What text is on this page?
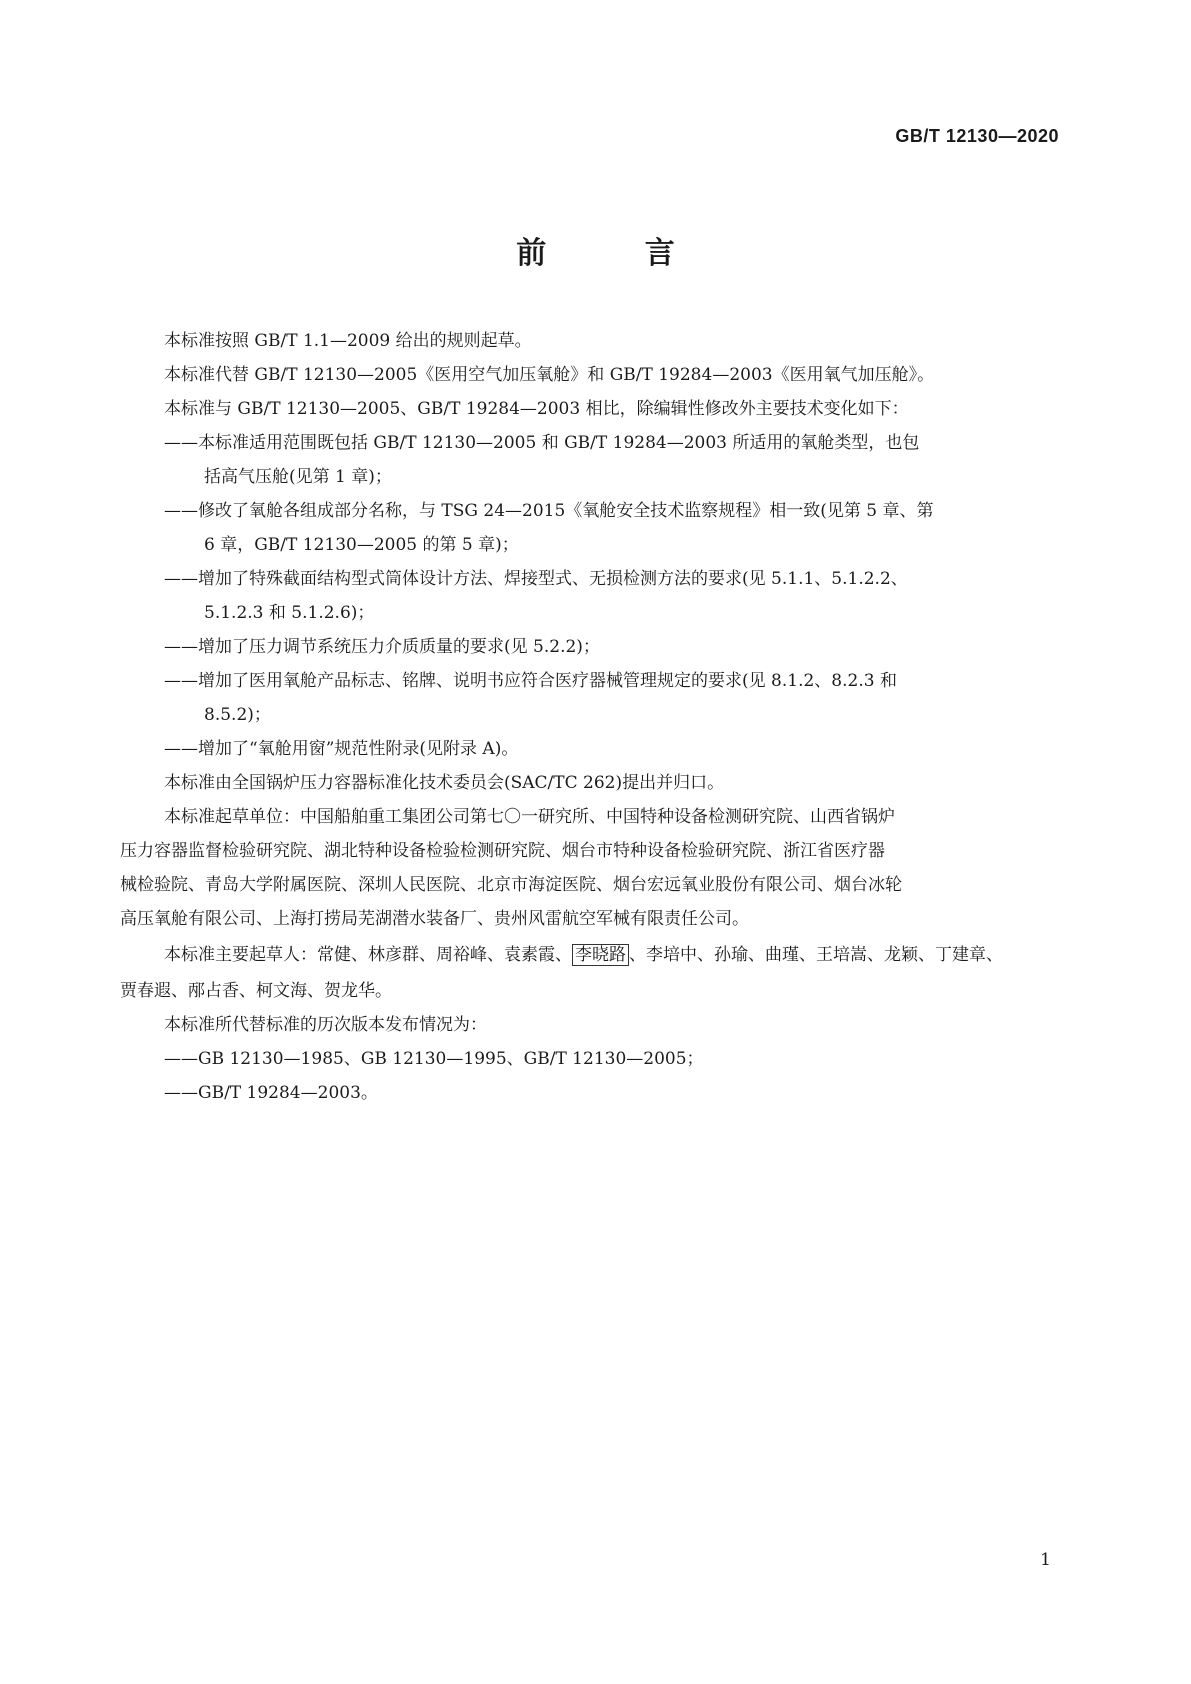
GB/T 12130—2020
前 言
本标准按照 GB/T 1.1—2009 给出的规则起草。
本标准代替 GB/T 12130—2005《医用空气加压氧舱》和 GB/T 19284—2003《医用氧气加压舱》。
本标准与 GB/T 12130—2005、GB/T 19284—2003 相比，除编辑性修改外主要技术变化如下：
——本标准适用范围既包括 GB/T 12130—2005 和 GB/T 19284—2003 所适用的氧舱类型，也包
括高气压舱(见第 1 章)；
——修改了氧舱各组成部分名称，与 TSG 24—2015《氧舱安全技术监察规程》相一致(见第 5 章、第
6 章，GB/T 12130—2005 的第 5 章)；
——增加了特殊截面结构型式筒体设计方法、焊接型式、无损检测方法的要求(见 5.1.1、5.1.2.2、
5.1.2.3 和 5.1.2.6)；
——增加了压力调节系统压力介质质量的要求(见 5.2.2)；
——增加了医用氧舱产品标志、铭牌、说明书应符合医疗器械管理规定的要求(见 8.1.2、8.2.3 和
8.5.2)；
——增加了“氧舱用窗”规范性附录(见附录 A)。
本标准由全国锅炉压力容器标准化技术委员会(SAC/TC 262)提出并归口。
本标准起草单位：中国船舶重工集团公司第七〇一研究所、中国特种设备检测研究院、山西省锅炉
压力容器监督检验研究院、湖北特种设备检验检测研究院、烟台市特种设备检验研究院、浙江省医疗器
械检验院、青岛大学附属医院、深圳人民医院、北京市海淀医院、烟台宏远氧业股份有限公司、烟台冰轮
高压氧舱有限公司、上海打捞局芜湖潜水装备厂、贵州风雷航空军械有限责任公司。
本标准主要起草人：常健、林彦群、周裕峰、袁素霞、 李晓路 、李培中、孙瑜、曲瑾、王培嵩、龙颖、丁建章、
贾春遐、邴占香、柯文海、贺龙华。
本标准所代替标准的历次版本发布情况为：
——GB 12130—1985、GB 12130—1995、GB/T 12130—2005；
——GB/T 19284—2003。
1
